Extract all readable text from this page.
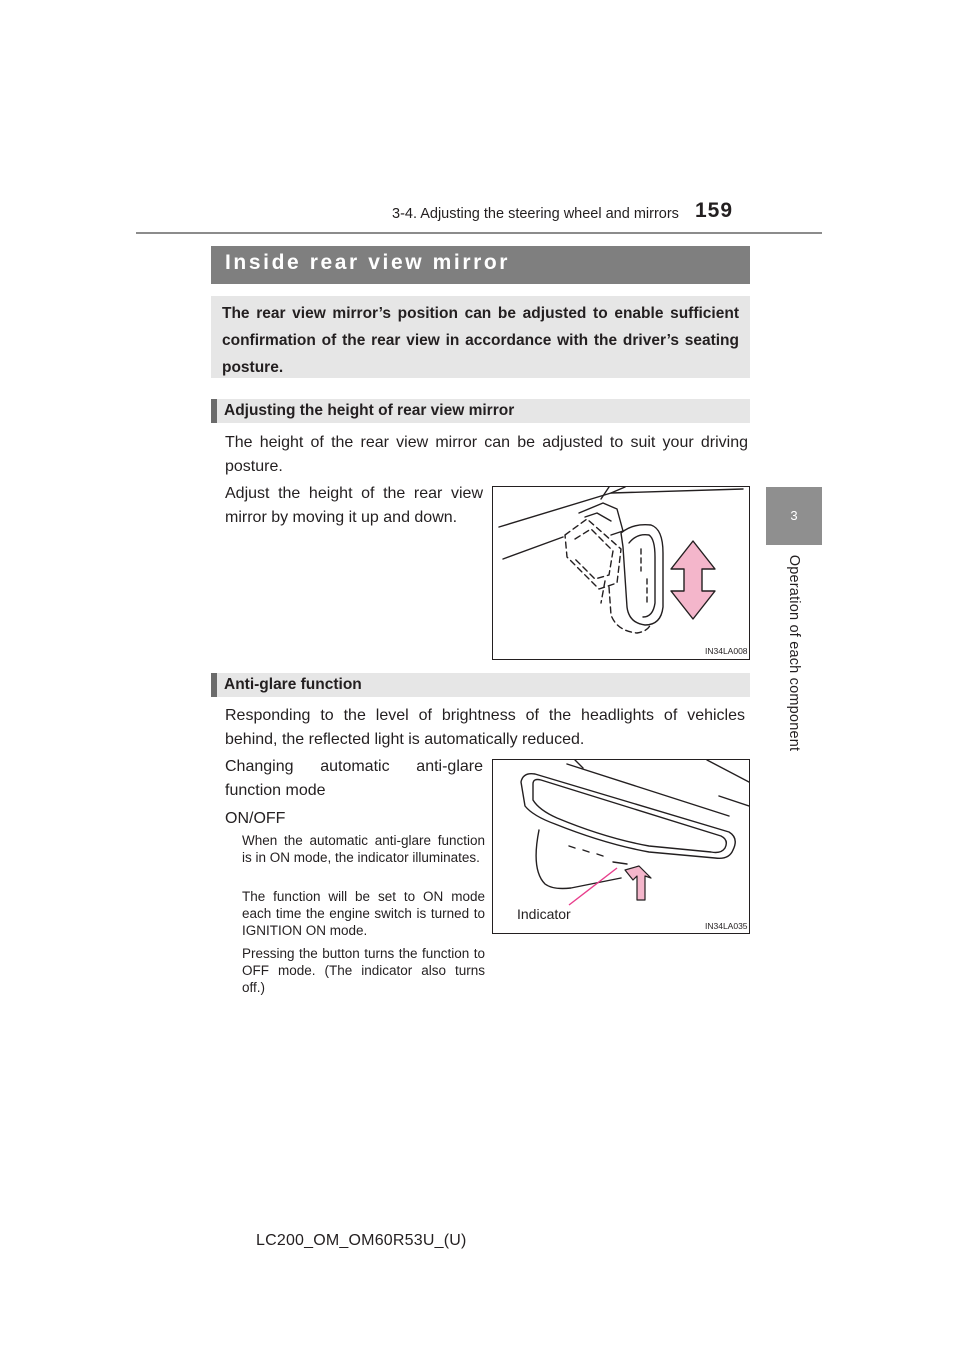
3-4. Adjusting the steering wheel and mirrors 159
3
Operation of each component
Inside rear view mirror
The rear view mirror’s position can be adjusted to enable sufficient confirmation of the rear view in accordance with the driver’s seating posture.
Adjusting the height of rear view mirror
The height of the rear view mirror can be adjusted to suit your driving posture.
Adjust the height of the rear view mirror by moving it up and down.
IN34LA008
Anti-glare function
Responding to the level of brightness of the headlights of vehicles behind, the reflected light is automatically reduced.
Changing automatic anti-glare function mode
ON/OFF
When the automatic anti-glare function is in ON mode, the indicator illuminates.
The function will be set to ON mode each time the engine switch is turned to IGNITION ON mode.
Pressing the button turns the function to OFF mode. (The indicator also turns off.)
Indicator
IN34LA035
LC200_OM_OM60R53U_(U)
